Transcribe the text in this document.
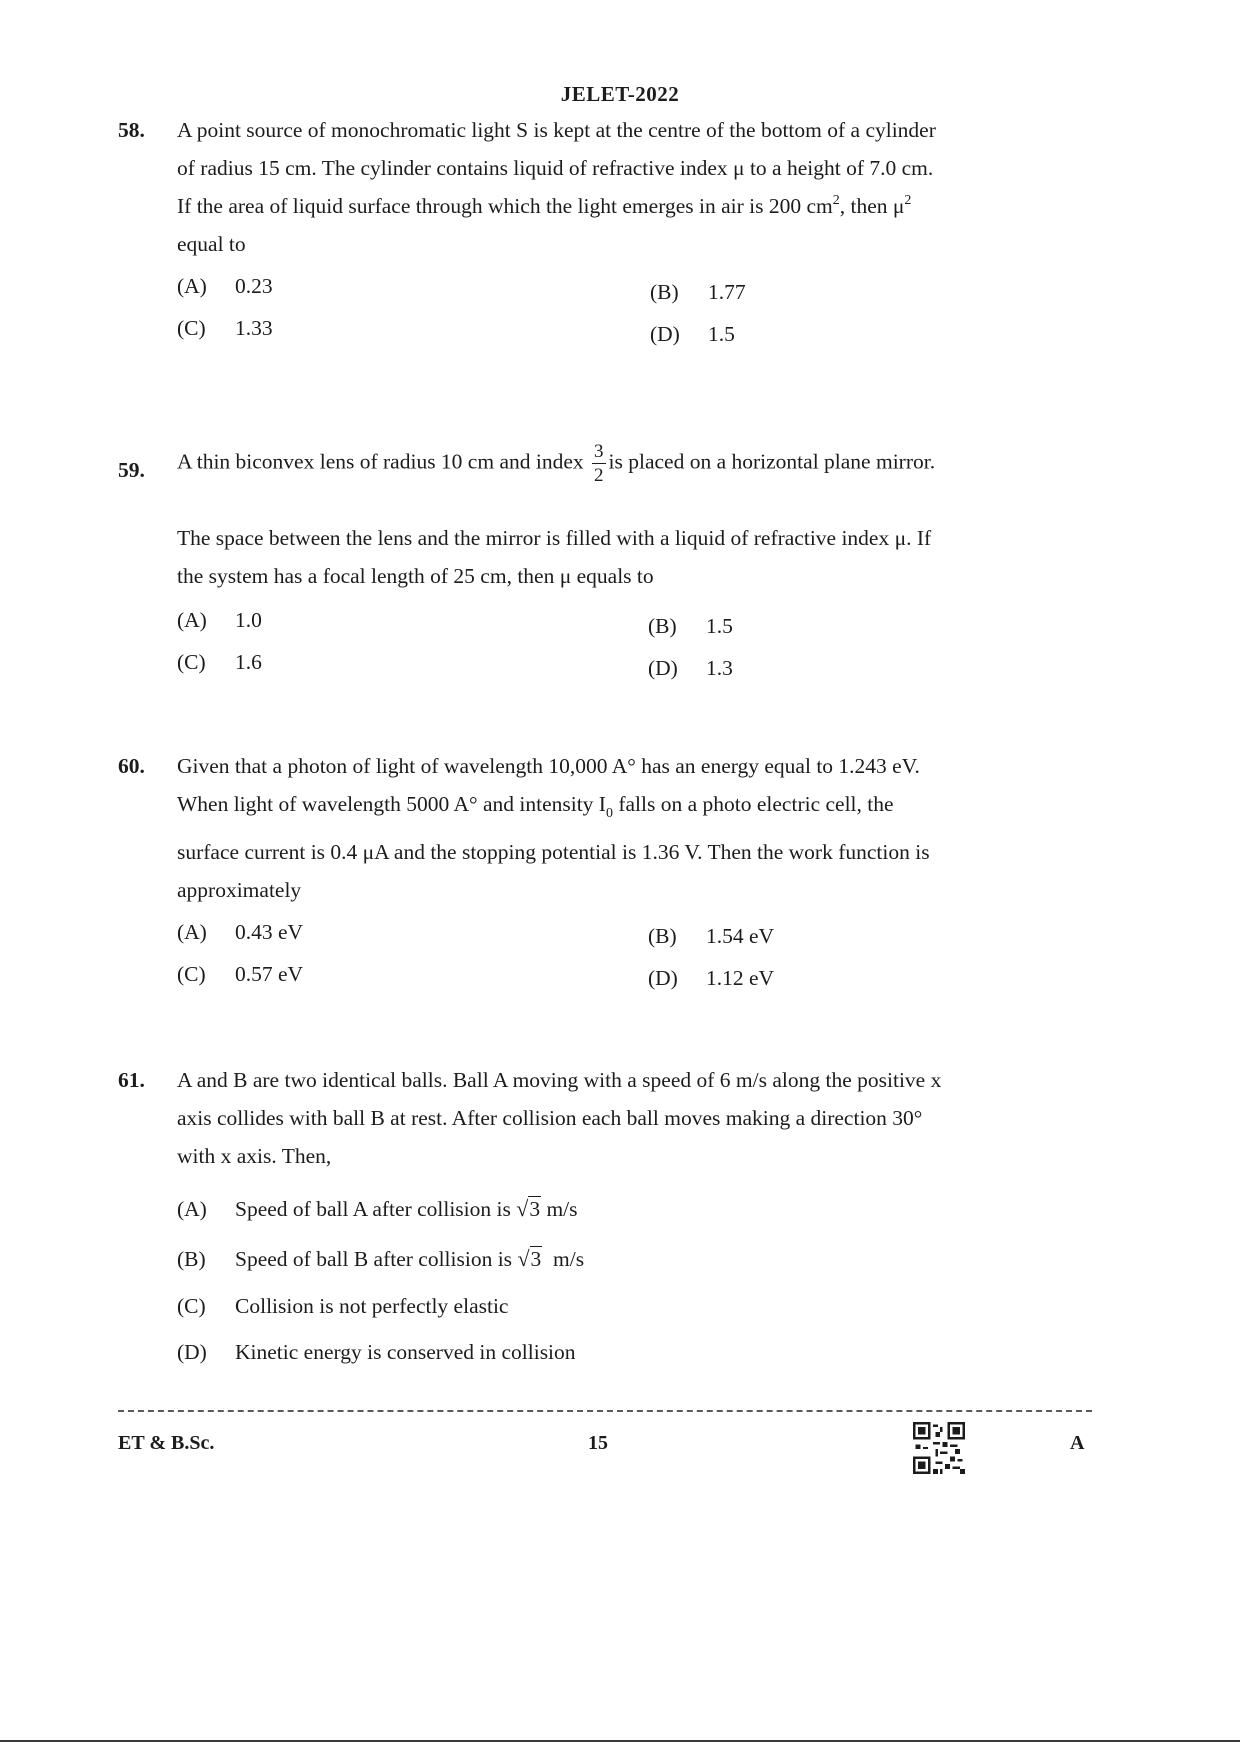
JELET-2022
58. A point source of monochromatic light S is kept at the centre of the bottom of a cylinder
of radius 15 cm. The cylinder contains liquid of refractive index μ to a height of 7.0 cm.
If the area of liquid surface through which the light emerges in air is 200 $cm^2$, then $\mu^2$
equal to
(A) 0.23	(B) 1.77
(C) 1.33	(D) 1.5
59. A thin biconvex lens of radius 10 cm and index $\frac{3}{2}$ is placed on a horizontal plane mirror.
The space between the lens and the mirror is filled with a liquid of refractive index μ. If
the system has a focal length of 25 cm, then μ equals to
(A) 1.0	(B) 1.5
(C) 1.6	(D) 1.3
60. Given that a photon of light of wavelength 10,000 A° has an energy equal to 1.243 eV.
When light of wavelength 5000 A° and intensity $I_0$ falls on a photo electric cell, the
surface current is 0.4 μA and the stopping potential is 1.36 V. Then the work function is
approximately
(A) 0.43 eV	(B) 1.54 eV
(C) 0.57 eV	(D) 1.12 eV
61. A and B are two identical balls. Ball A moving with a speed of 6 m/s along the positive x
axis collides with ball B at rest. After collision each ball moves making a direction 30°
with x axis. Then,
(A) Speed of ball A after collision is √3 m/s
(B) Speed of ball B after collision is √3 m/s
(C) Collision is not perfectly elastic
(D) Kinetic energy is conserved in collision
ET & B.Sc.	15	A
